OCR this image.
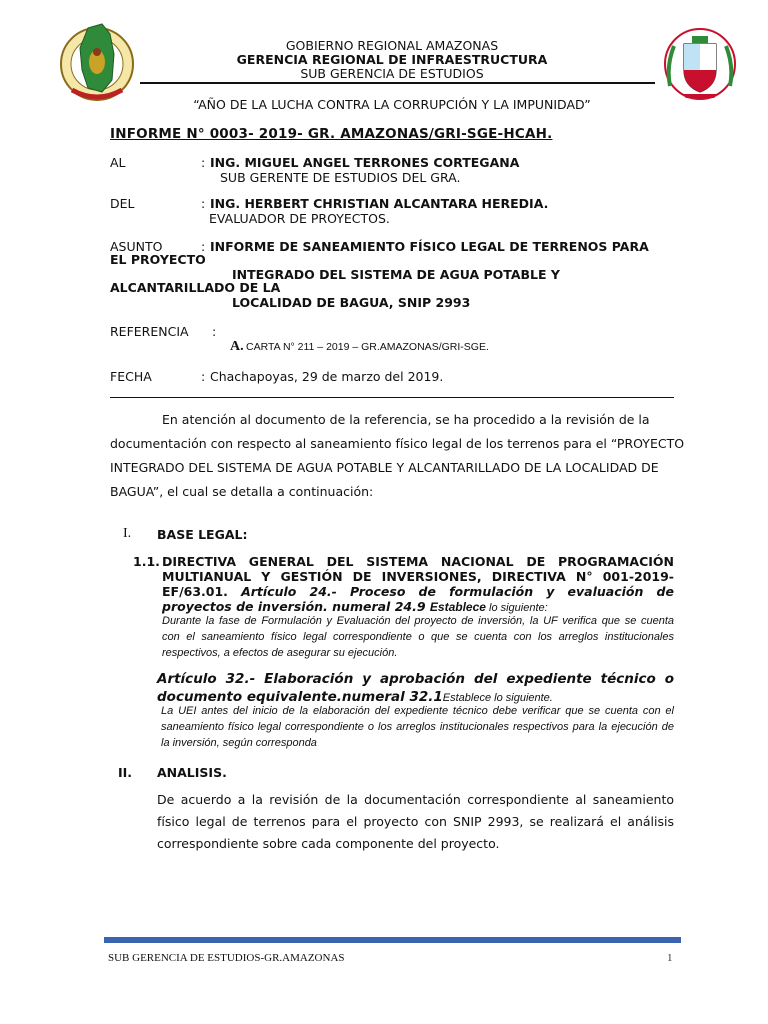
GOBIERNO REGIONAL AMAZONAS
GERENCIA REGIONAL DE INFRAESTRUCTURA
SUB GERENCIA DE ESTUDIOS
“AÑO DE LA LUCHA CONTRA LA CORRUPCIÓN Y LA IMPUNIDAD”
INFORME N° 0003- 2019- GR. AMAZONAS/GRI-SGE-HCAH.
AL	: ING. MIGUEL ANGEL TERRONES CORTEGANA
SUB GERENTE DE ESTUDIOS DEL GRA.
DEL	: ING. HERBERT CHRISTIAN ALCANTARA HEREDIA.
EVALUADOR DE PROYECTOS.
ASUNTO	: INFORME DE SANEAMIENTO FÍSICO LEGAL DE TERRENOS PARA
EL PROYECTO
INTEGRADO DEL SISTEMA DE AGUA POTABLE Y
ALCANTARILLADO DE LA
LOCALIDAD DE BAGUA, SNIP 2993
REFERENCIA :
A. CARTA N° 211 – 2019 – GR.AMAZONAS/GRI-SGE.
FECHA	: Chachapoyas, 29 de marzo del 2019.
En atención al documento de la referencia, se ha procedido a la revisión de la
documentación con respecto al saneamiento físico legal de los terrenos para el “PROYECTO
INTEGRADO DEL SISTEMA DE AGUA POTABLE Y ALCANTARILLADO DE LA LOCALIDAD DE
BAGUA”, el cual se detalla a continuación:
I. BASE LEGAL:
1.1. DIRECTIVA GENERAL DEL SISTEMA NACIONAL DE PROGRAMACIÓN
MULTIANUAL Y GESTIÓN DE INVERSIONES, DIRECTIVA N° 001-2019-
EF/63.01. Artículo 24.- Proceso de formulación y evaluación de
proyectos de inversión. numeral 24.9 Establece lo siguiente:
Durante la fase de Formulación y Evaluación del proyecto de inversión, la UF verifica que se cuenta
con el saneamiento físico legal correspondiente o que se cuenta con los arreglos institucionales
respectivos, a efectos de asegurar su ejecución.
Artículo 32.- Elaboración y aprobación del expediente técnico o
documento equivalente.numeral 32.1Establece lo siguiente.
La UEI antes del inicio de la elaboración del expediente técnico debe verificar que se cuenta con el
saneamiento físico legal correspondiente o los arreglos institucionales respectivos para la ejecución de
la inversión, según corresponda
II. ANALISIS.
De acuerdo a la revisión de la documentación correspondiente al saneamiento
físico legal de terrenos para el proyecto con SNIP 2993, se realizará el análisis
correspondiente sobre cada componente del proyecto.
SUB GERENCIA DE ESTUDIOS-GR.AMAZONAS	1
